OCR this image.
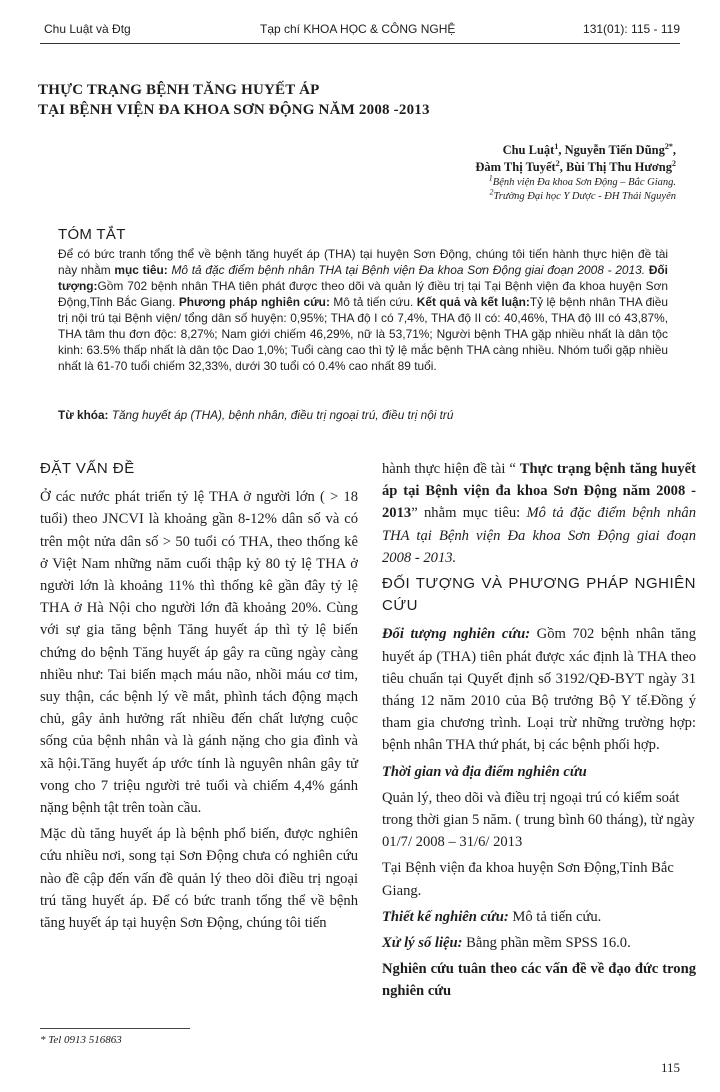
Chu Luật và Đtg	Tạp chí KHOA HỌC & CÔNG NGHỆ	131(01): 115 - 119
THỰC TRẠNG BỆNH TĂNG HUYẾT ÁP
TẠI BỆNH VIỆN ĐA KHOA SƠN ĐỘNG NĂM 2008 -2013
Chu Luật$^1$, Nguyễn Tiến Dũng$^{2*}$,
Đàm Thị Tuyết$^2$, Bùi Thị Thu Hương$^2$
$^1$Bệnh viện Đa khoa Sơn Động – Bắc Giang.
$^2$Trường Đại học Y Dược - ĐH Thái Nguyên
TÓM TẮT
Để có bức tranh tổng thể về bệnh tăng huyết áp (THA) tại huyện Sơn Động, chúng tôi tiến hành thực hiện đề tài này nhằm mục tiêu: Mô tả đặc điểm bệnh nhân THA tại Bệnh viện Đa khoa Sơn Động giai đoạn 2008 - 2013. Đối tượng:Gồm 702 bệnh nhân THA tiên phát được theo dõi và quản lý điều trị tại Tại Bệnh viện đa khoa huyện Sơn Động,Tỉnh Bắc Giang. Phương pháp nghiên cứu: Mô tả tiến cứu. Kết quả và kết luận:Tỷ lệ bệnh nhân THA điều trị nội trú tại Bệnh viện/ tổng dân số huyện: 0,95%; THA độ I có 7,4%, THA độ II có: 40,46%, THA độ III có 43,87%, THA tâm thu đơn độc: 8,27%; Nam giới chiếm 46,29%, nữ là 53,71%; Người bệnh THA gặp nhiều nhất là dân tộc kinh: 63.5% thấp nhất là dân tộc Dao 1,0%; Tuổi càng cao thì tỷ lệ mắc bệnh THA càng nhiều. Nhóm tuổi gặp nhiều nhất là 61-70 tuổi chiếm 32,33%, dưới 30 tuổi có 0.4% cao nhất 89 tuổi.
Từ khóa: Tăng huyết áp (THA), bệnh nhân, điều trị ngoại trú, điều trị nội trú
ĐẶT VẤN ĐỀ

Ở các nước phát triển tỷ lệ THA ở người lớn ( > 18 tuổi) theo JNCVI là khoảng gần 8-12% dân số và có trên một nửa dân số > 50 tuổi có THA, theo thống kê ở Việt Nam những năm cuối thập kỷ 80 tỷ lệ THA ở người lớn là khoảng 11% thì thống kê gần đây tỷ lệ THA ở Hà Nội cho người lớn đã khoảng 20%. Cùng với sự gia tăng bệnh Tăng huyết áp thì tỷ lệ biến chứng do bệnh Tăng huyết áp gây ra cũng ngày càng nhiều như: Tai biến mạch máu não, nhồi máu cơ tim, suy thận, các bệnh lý về mắt, phình tách động mạch chủ, gây ảnh hưởng rất nhiều đến chất lượng cuộc sống của bệnh nhân và là gánh nặng cho gia đình và xã hội.Tăng huyết áp ước tính là nguyên nhân gây tử vong cho 7 triệu người trẻ tuổi và chiếm 4,4% gánh nặng bệnh tật trên toàn cầu.

Mặc dù tăng huyết áp là bệnh phổ biến, được nghiên cứu nhiều nơi, song tại Sơn Động chưa có nghiên cứu nào đề cập đến vấn đề quản lý theo dõi điều trị ngoại trú tăng huyết áp. Để có bức tranh tổng thể về bệnh tăng huyết áp tại huyện Sơn Động, chúng tôi tiến

hành thực hiện đề tài “ Thực trạng bệnh tăng huyết áp tại Bệnh viện đa khoa Sơn Động năm 2008 - 2013” nhằm mục tiêu: Mô tả đặc điểm bệnh nhân THA tại Bệnh viện Đa khoa Sơn Động giai đoạn 2008 - 2013.

ĐỐI TƯỢNG VÀ PHƯƠNG PHÁP NGHIÊN CỨU

Đối tượng nghiên cứu: Gồm 702 bệnh nhân tăng huyết áp (THA) tiên phát được xác định là THA theo tiêu chuẩn tại Quyết định số 3192/QĐ-BYT ngày 31 tháng 12 năm 2010 của Bộ trưởng Bộ Y tế.Đồng ý tham gia chương trình. Loại trừ những trường hợp: bệnh nhân THA thứ phát, bị các bệnh phối hợp.

Thời gian và địa điểm nghiên cứu

Quản lý, theo dõi và điều trị ngoại trú có kiểm soát trong thời gian 5 năm. ( trung bình 60 tháng), từ ngày 01/7/ 2008 – 31/6/ 2013

Tại Bệnh viện đa khoa huyện Sơn Động,Tỉnh Bắc Giang.

Thiết kế nghiên cứu: Mô tả tiến cứu.

Xử lý số liệu: Bằng phần mềm SPSS 16.0.

Nghiên cứu tuân theo các vấn đề về đạo đức trong nghiên cứu

* Tel 0913 516863
115
